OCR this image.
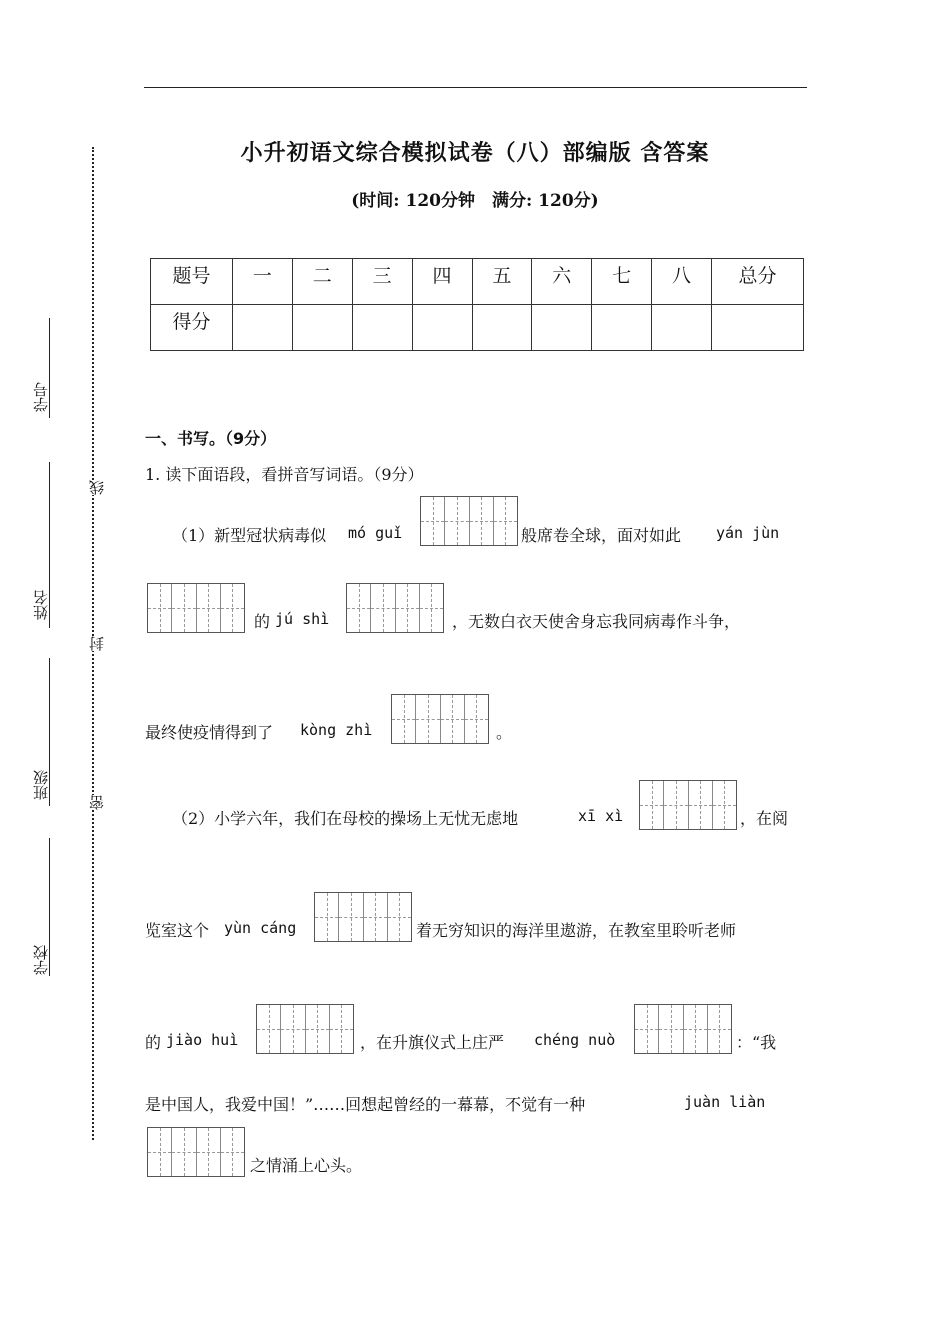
小升初语文综合模拟试卷（八）部编版 含答案
(时间: 120分钟　满分: 120分)
题号	一	二	三	四	五	六	七	八	总分
得分									
学号
姓名
班级
学校
线
封
密
一、书写。（9分）
1. 读下面语段，看拼音写词语。（9分）
（1）新型冠状病毒似 mó guǐ	般席卷全球，面对如此 yán jùn
的 jú shì	，无数白衣天使舍身忘我同病毒作斗争，
最终使疫情得到了 kòng zhì	。
（2）小学六年，我们在母校的操场上无忧无虑地	xī xì	，在阅
览室这个 yùn cáng	着无穷知识的海洋里遨游，在教室里聆听老师
的 jiào huì	，在升旗仪式上庄严 chéng nuò	：“我
是中国人，我爱中国！”……回想起曾经的一幕幕，不觉有一种	juàn liàn
之情涌上心头。
